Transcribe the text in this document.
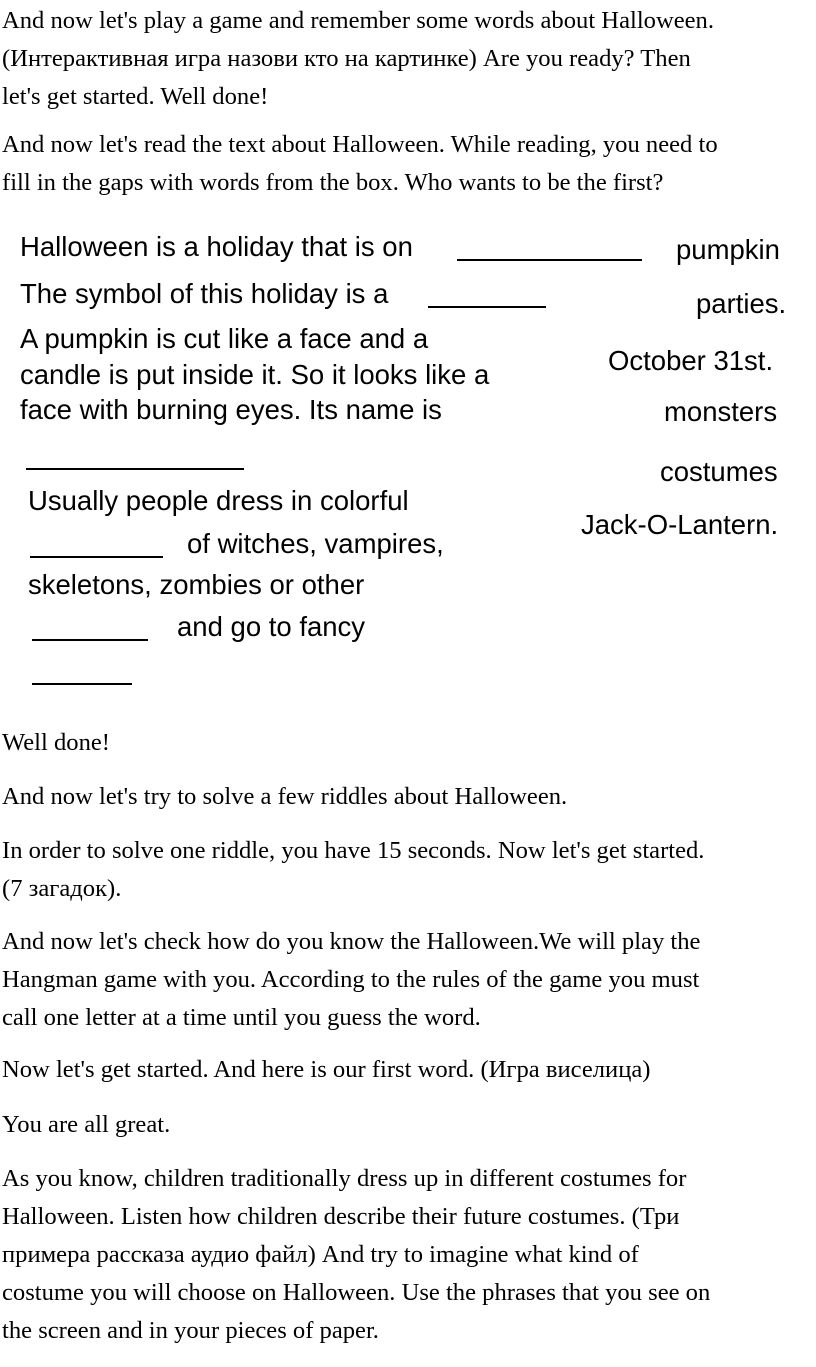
And now let's play a game and remember some words about Halloween.
(Интерактивная игра назови кто на картинке) Are you ready? Then
let's get started. Well done!
And now let's read the text about Halloween. While reading, you need to
fill in the gaps with words from the box. Who wants to be the first?
Halloween is a holiday that is on
The symbol of this holiday is a
A pumpkin is cut like a face and a
candle is put inside it. So it looks like a
face with burning eyes. Its name is
Usually people dress in colorful
of witches, vampires,
skeletons, zombies or other
and go to fancy
pumpkin
parties.
October 31st.
monsters
costumes
Jack-O-Lantern.
Well done!
And now let's try to solve a few riddles about Halloween.
In order to solve one riddle, you have 15 seconds. Now let's get started.
(7 загадок).
And now let's check how do you know the Halloween.We will play the
Hangman game with you. According to the rules of the game you must
call one letter at a time until you guess the word.
Now let's get started. And here is our first word. (Игра виселица)
You are all great.
As you know, children traditionally dress up in different costumes for
Halloween. Listen how children describe their future costumes. (Три
примера рассказа аудио файл) And try to imagine what kind of
costume you will choose on Halloween. Use the phrases that you see on
the screen and in your pieces of paper.
